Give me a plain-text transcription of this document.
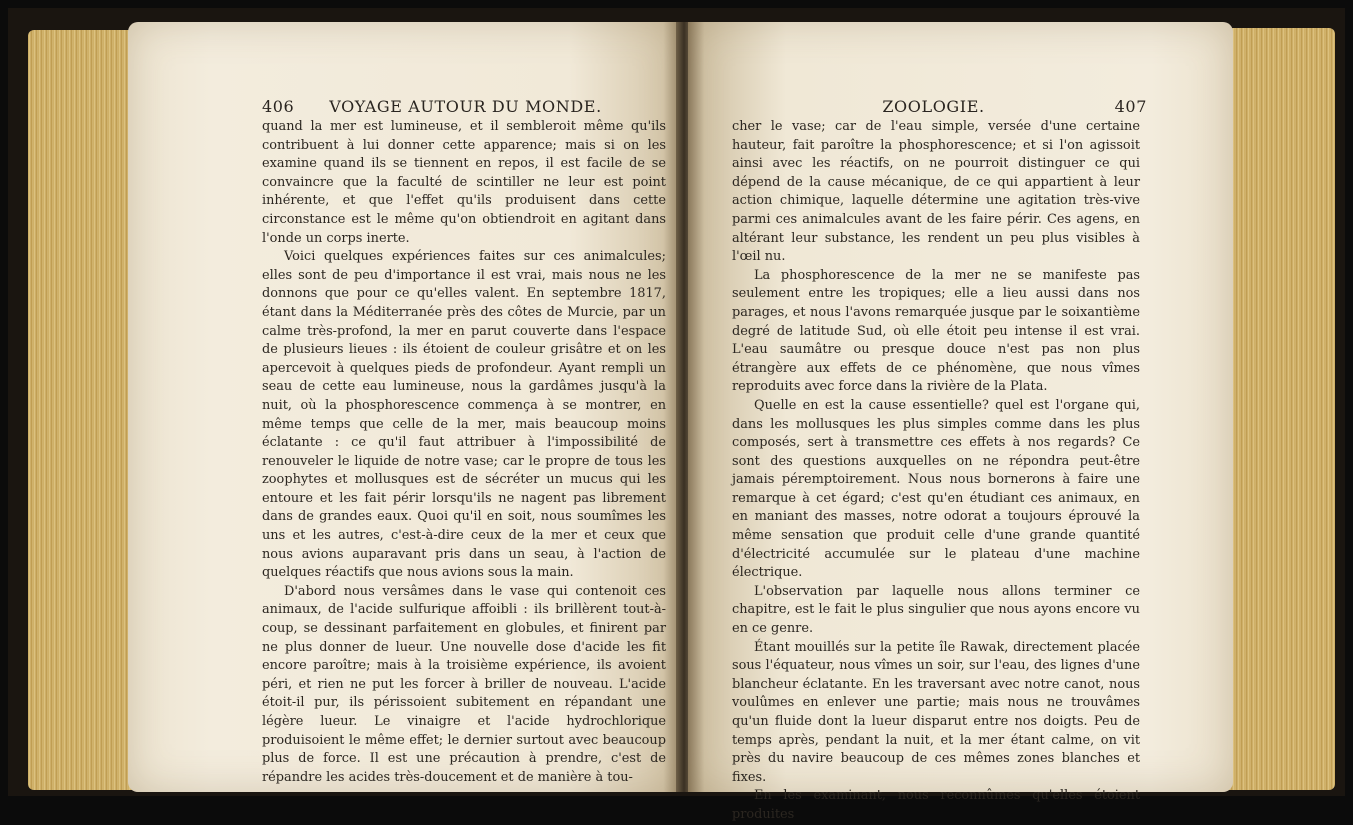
406	VOYAGE AUTOUR DU MONDE.

quand la mer est lumineuse, et il sembleroit même qu'ils contribuent à lui donner cette apparence; mais si on les examine quand ils se tiennent en repos, il est facile de se convaincre que la faculté de scintiller ne leur est point inhérente, et que l'effet qu'ils produisent dans cette circonstance est le même qu'on obtiendroit en agitant dans l'onde un corps inerte.

Voici quelques expériences faites sur ces animalcules; elles sont de peu d'importance il est vrai, mais nous ne les donnons que pour ce qu'elles valent. En septembre 1817, étant dans la Méditerranée près des côtes de Murcie, par un calme très-profond, la mer en parut couverte dans l'espace de plusieurs lieues : ils étoient de couleur grisâtre et on les apercevoit à quelques pieds de profondeur. Ayant rempli un seau de cette eau lumineuse, nous la gardâmes jusqu'à la nuit, où la phosphorescence commença à se montrer, en même temps que celle de la mer, mais beaucoup moins éclatante : ce qu'il faut attribuer à l'impossibilité de renouveler le liquide de notre vase; car le propre de tous les zoophytes et mollusques est de sécréter un mucus qui les entoure et les fait périr lorsqu'ils ne nagent pas librement dans de grandes eaux. Quoi qu'il en soit, nous soumîmes les uns et les autres, c'est-à-dire ceux de la mer et ceux que nous avions auparavant pris dans un seau, à l'action de quelques réactifs que nous avions sous la main.

D'abord nous versâmes dans le vase qui contenoit ces animaux, de l'acide sulfurique affoibli : ils brillèrent tout-à-coup, se dessinant parfaitement en globules, et finirent par ne plus donner de lueur. Une nouvelle dose d'acide les fit encore paroître; mais à la troisième expérience, ils avoient péri, et rien ne put les forcer à briller de nouveau. L'acide étoit-il pur, ils périssoient subitement en répandant une légère lueur. Le vinaigre et l'acide hydrochlorique produisoient le même effet; le dernier surtout avec beaucoup plus de force. Il est une précaution à prendre, c'est de répandre les acides très-doucement et de manière à tou-

ZOOLOGIE.	407

cher le vase; car de l'eau simple, versée d'une certaine hauteur, fait paroître la phosphorescence; et si l'on agissoit ainsi avec les réactifs, on ne pourroit distinguer ce qui dépend de la cause mécanique, de ce qui appartient à leur action chimique, laquelle détermine une agitation très-vive parmi ces animalcules avant de les faire périr. Ces agens, en altérant leur substance, les rendent un peu plus visibles à l'œil nu.

La phosphorescence de la mer ne se manifeste pas seulement entre les tropiques; elle a lieu aussi dans nos parages, et nous l'avons remarquée jusque par le soixantième degré de latitude Sud, où elle étoit peu intense il est vrai. L'eau saumâtre ou presque douce n'est pas non plus étrangère aux effets de ce phénomène, que nous vîmes reproduits avec force dans la rivière de la Plata.

Quelle en est la cause essentielle? quel est l'organe qui, dans les mollusques les plus simples comme dans les plus composés, sert à transmettre ces effets à nos regards? Ce sont des questions auxquelles on ne répondra peut-être jamais péremptoirement. Nous nous bornerons à faire une remarque à cet égard; c'est qu'en étudiant ces animaux, en en maniant des masses, notre odorat a toujours éprouvé la même sensation que produit celle d'une grande quantité d'électricité accumulée sur le plateau d'une machine électrique.

L'observation par laquelle nous allons terminer ce chapitre, est le fait le plus singulier que nous ayons encore vu en ce genre.

Étant mouillés sur la petite île Rawak, directement placée sous l'équateur, nous vîmes un soir, sur l'eau, des lignes d'une blancheur éclatante. En les traversant avec notre canot, nous voulûmes en enlever une partie; mais nous ne trouvâmes qu'un fluide dont la lueur disparut entre nos doigts. Peu de temps après, pendant la nuit, et la mer étant calme, on vit près du navire beaucoup de ces mêmes zones blanches et fixes.

En les examinant, nous reconnûmes qu'elles étoient produites
